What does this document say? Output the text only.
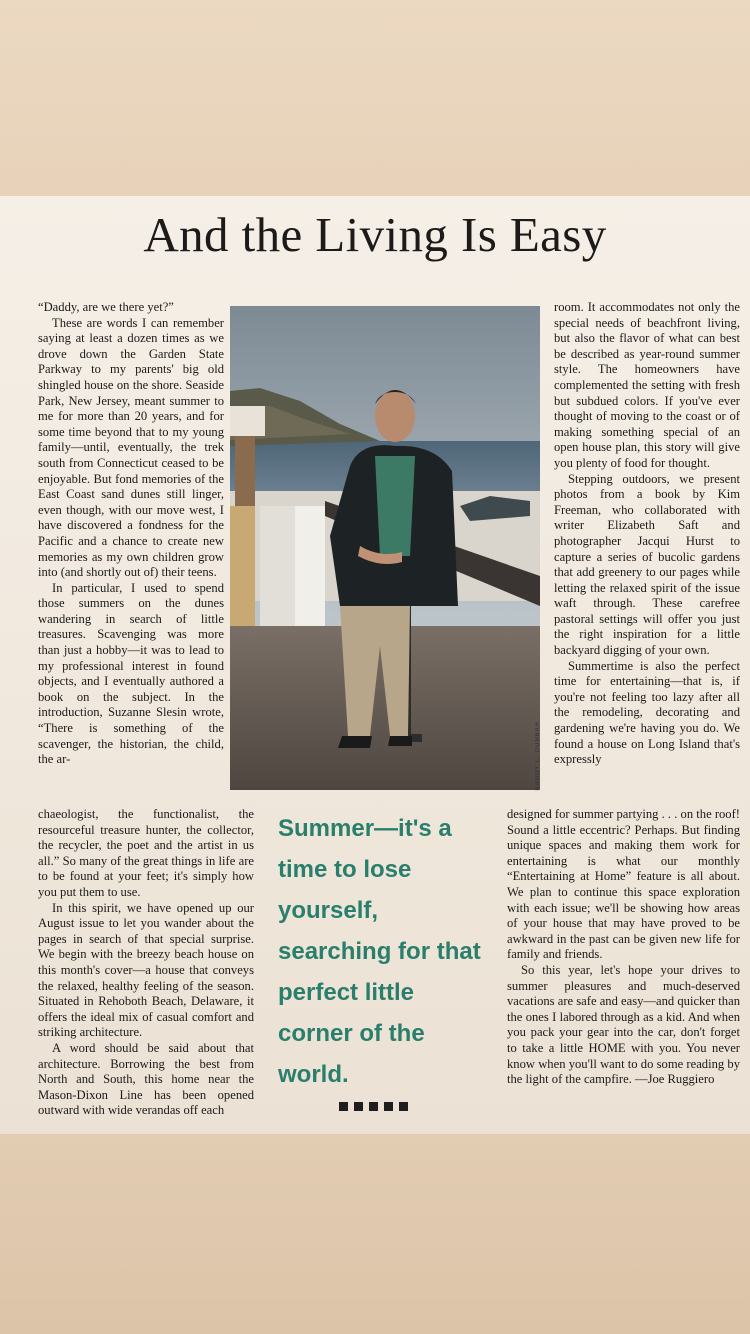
And the Living Is Easy

“Daddy, are we there yet?”

These are words I can remember saying at least a dozen times as we drove down the Garden State Parkway to my parents' big old shingled house on the shore. Seaside Park, New Jersey, meant summer to me for more than 20 years, and for some time beyond that to my young family—until, eventually, the trek south from Connecticut ceased to be enjoyable. But fond memories of the East Coast sand dunes still linger, even though, with our move west, I have discovered a fondness for the Pacific and a chance to create new memories as my own children grow into (and shortly out of) their teens.

In particular, I used to spend those summers on the dunes wandering in search of little treasures. Scavenging was more than just a hobby—it was to lead to my professional interest in found objects, and I eventually authored a book on the subject. In the introduction, Suzanne Slesin wrote, “There is something of the scavenger, the historian, the child, the ar-	RANDY L. DUNBAR

room. It accommodates not only the special needs of beachfront living, but also the flavor of what can best be described as year-round summer style. The homeowners have complemented the setting with fresh but subdued colors. If you've ever thought of moving to the coast or of making something special of an open house plan, this story will give you plenty of food for thought.

Stepping outdoors, we present photos from a book by Kim Freeman, who collaborated with writer Elizabeth Saft and photographer Jacqui Hurst to capture a series of bucolic gardens that add greenery to our pages while letting the relaxed spirit of the issue waft through. These carefree pastoral settings will offer you just the right inspiration for a little backyard digging of your own.

Summertime is also the perfect time for entertaining—that is, if you're not feeling too lazy after all the remodeling, decorating and gardening we're having you do. We found a house on Long Island that's expressly

chaeologist, the functionalist, the resourceful treasure hunter, the collector, the recycler, the poet and the artist in us all.” So many of the great things in life are to be found at your feet; it's simply how you put them to use.

In this spirit, we have opened up our August issue to let you wander about the pages in search of that special surprise. We begin with the breezy beach house on this month's cover—a house that conveys the relaxed, healthy feeling of the season. Situated in Rehoboth Beach, Delaware, it offers the ideal mix of casual comfort and striking architecture.

A word should be said about that architecture. Borrowing the best from North and South, this home near the Mason-Dixon Line has been opened outward with wide verandas off each

Summer—it's a time to lose yourself, searching for that perfect little corner of the world.

designed for summer partying . . . on the roof! Sound a little eccentric? Perhaps. But finding unique spaces and making them work for entertaining is what our monthly “Entertaining at Home” feature is all about. We plan to continue this space exploration with each issue; we'll be showing how areas of your house that may have proved to be awkward in the past can be given new life for family and friends.

So this year, let's hope your drives to summer pleasures and much-deserved vacations are safe and easy—and quicker than the ones I labored through as a kid. And when you pack your gear into the car, don't forget to take a little HOME with you. You never know when you'll want to do some reading by the light of the campfire. —Joe Ruggiero
